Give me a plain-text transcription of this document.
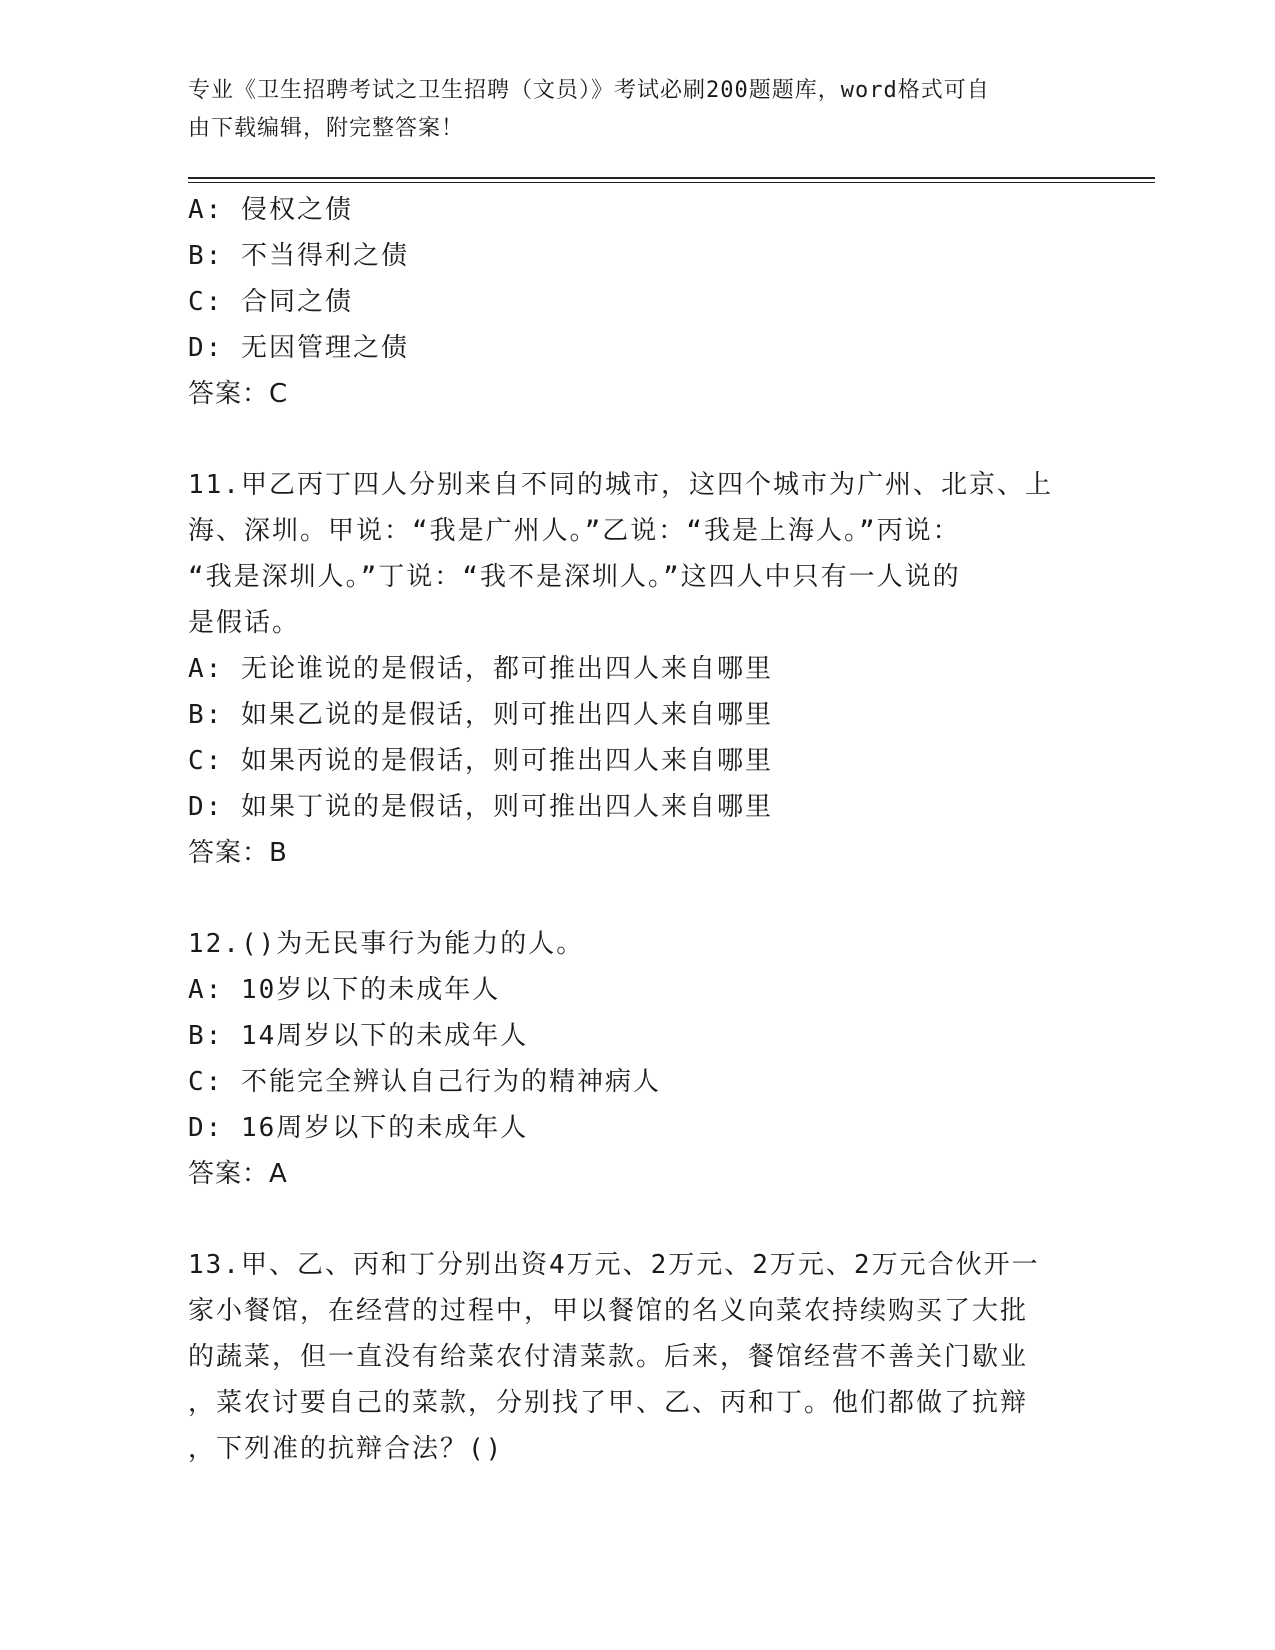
专业《卫生招聘考试之卫生招聘（文员）》考试必刷200题题库，word格式可自
由下载编辑，附完整答案！
A: 侵权之债
B: 不当得利之债
C: 合同之债
D: 无因管理之债
答案：C
11.甲乙丙丁四人分别来自不同的城市，这四个城市为广州、北京、上
海、深圳。甲说：“我是广州人。”乙说：“我是上海人。”丙说：
“我是深圳人。”丁说：“我不是深圳人。”这四人中只有一人说的
是假话。
A: 无论谁说的是假话，都可推出四人来自哪里
B: 如果乙说的是假话，则可推出四人来自哪里
C: 如果丙说的是假话，则可推出四人来自哪里
D: 如果丁说的是假话，则可推出四人来自哪里
答案：B
12.()为无民事行为能力的人。
A: 10岁以下的未成年人
B: 14周岁以下的未成年人
C: 不能完全辨认自己行为的精神病人
D: 16周岁以下的未成年人
答案：A
13.甲、乙、丙和丁分别出资4万元、2万元、2万元、2万元合伙开一
家小餐馆，在经营的过程中，甲以餐馆的名义向菜农持续购买了大批
的蔬菜，但一直没有给菜农付清菜款。后来，餐馆经营不善关门歇业
，菜农讨要自己的菜款，分别找了甲、乙、丙和丁。他们都做了抗辩
，下列准的抗辩合法？()
